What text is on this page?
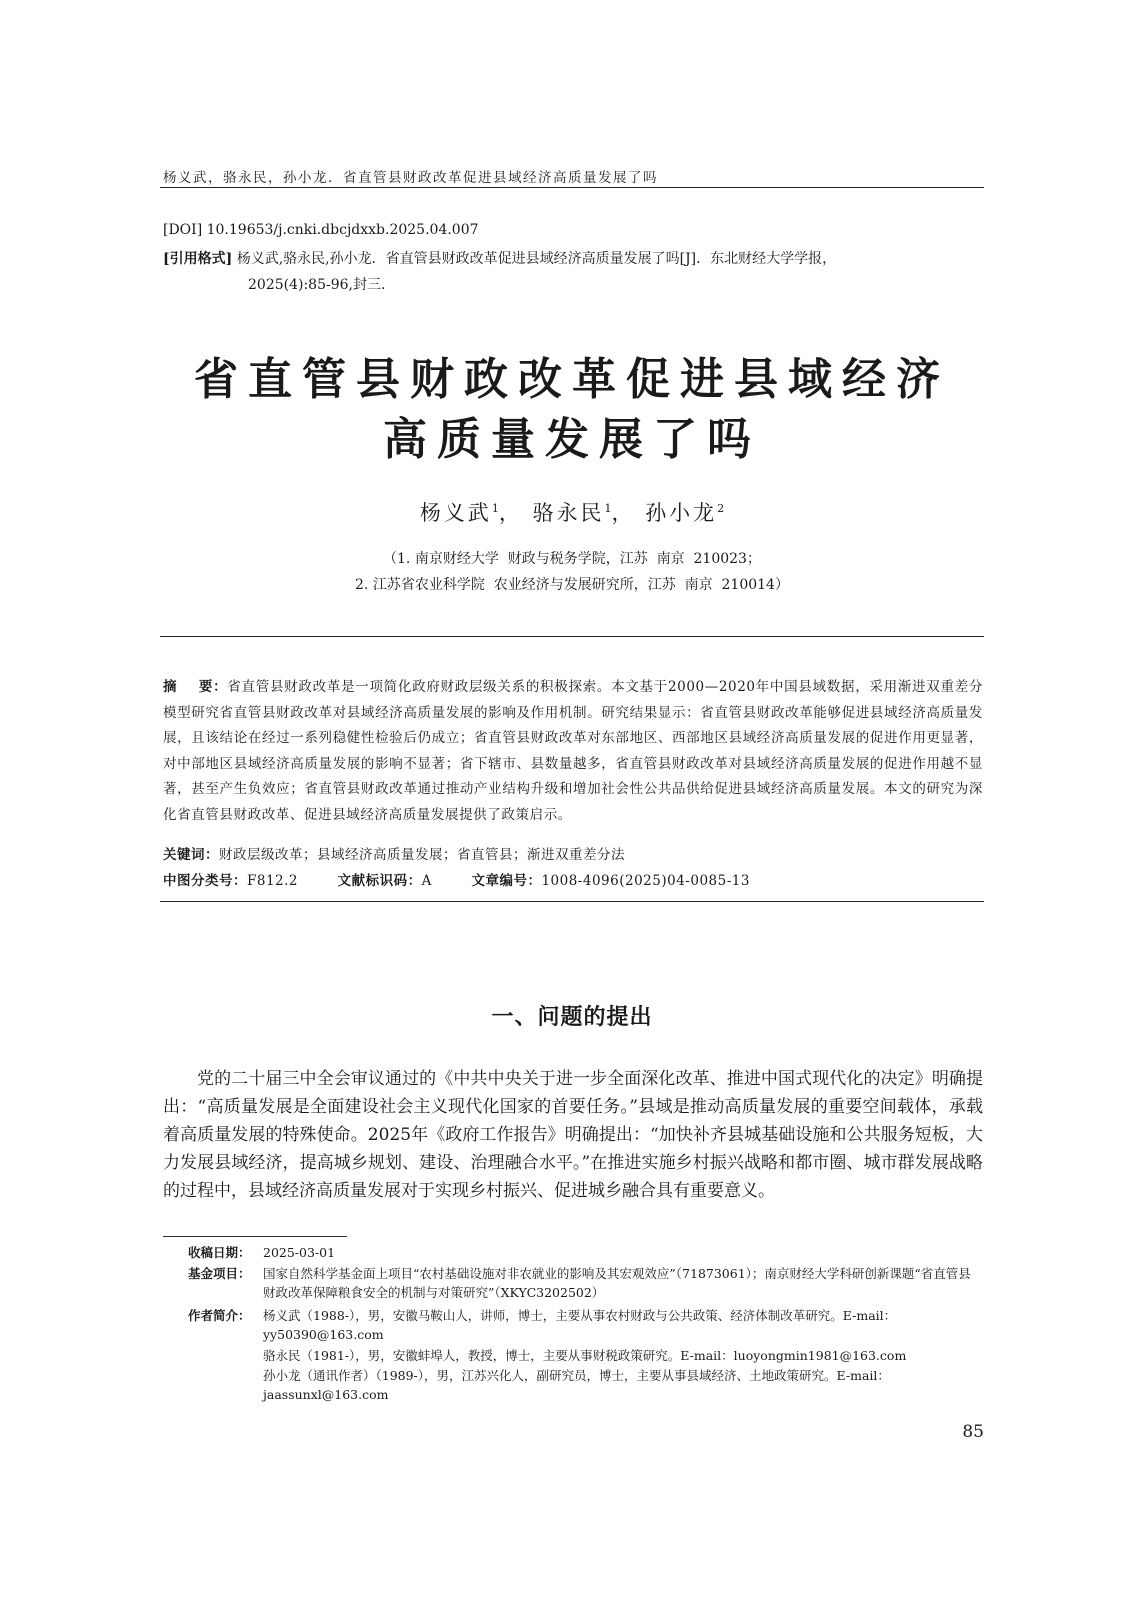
杨义武，骆永民，孙小龙．省直管县财政改革促进县域经济高质量发展了吗
[DOI] 10.19653/j.cnki.dbcjdxxb.2025.04.007
[引用格式] 杨义武,骆永民,孙小龙．省直管县财政改革促进县域经济高质量发展了吗[J]．东北财经大学学报，
2025(4):85-96,封三．
省直管县财政改革促进县域经济
高质量发展了吗
杨义武$^1$， 骆永民$^1$， 孙小龙$^2$
（1. 南京财经大学  财政与税务学院，江苏  南京  210023；
2. 江苏省农业科学院  农业经济与发展研究所，江苏  南京  210014）
摘    要：省直管县财政改革是一项简化政府财政层级关系的积极探索。本文基于2000—2020年中国县域数据，采用渐进双重差分模型研究省直管县财政改革对县域经济高质量发展的影响及作用机制。研究结果显示：省直管县财政改革能够促进县域经济高质量发展，且该结论在经过一系列稳健性检验后仍成立；省直管县财政改革对东部地区、西部地区县域经济高质量发展的促进作用更显著，对中部地区县域经济高质量发展的影响不显著；省下辖市、县数量越多，省直管县财政改革对县域经济高质量发展的促进作用越不显著，甚至产生负效应；省直管县财政改革通过推动产业结构升级和增加社会性公共品供给促进县域经济高质量发展。本文的研究为深化省直管县财政改革、促进县域经济高质量发展提供了政策启示。
关键词：财政层级改革；县域经济高质量发展；省直管县；渐进双重差分法
中图分类号：F812.2	文献标识码：A	文章编号：1008-4096(2025)04-0085-13
一、问题的提出
党的二十届三中全会审议通过的《中共中央关于进一步全面深化改革、推进中国式现代化的决定》明确提出：“高质量发展是全面建设社会主义现代化国家的首要任务。”县域是推动高质量发展的重要空间载体，承载着高质量发展的特殊使命。2025年《政府工作报告》明确提出：“加快补齐县城基础设施和公共服务短板，大力发展县域经济，提高城乡规划、建设、治理融合水平。”在推进实施乡村振兴战略和都市圈、城市群发展战略的过程中，县域经济高质量发展对于实现乡村振兴、促进城乡融合具有重要意义。
收稿日期： 2025-03-01
基金项目： 国家自然科学基金面上项目“农村基础设施对非农就业的影响及其宏观效应”（71873061）；南京财经大学科研创新课题“省直管县财政改革保障粮食安全的机制与对策研究”（XKYC3202502）
作者简介： 杨义武（1988-），男，安徽马鞍山人，讲师，博士，主要从事农村财政与公共政策、经济体制改革研究。E-mail：yy50390@163.com
骆永民（1981-），男，安徽蚌埠人，教授，博士，主要从事财税政策研究。E-mail：luoyongmin1981@163.com
孙小龙（通讯作者）（1989-），男，江苏兴化人，副研究员，博士，主要从事县域经济、土地政策研究。E-mail：jaassunxl@163.com
85
